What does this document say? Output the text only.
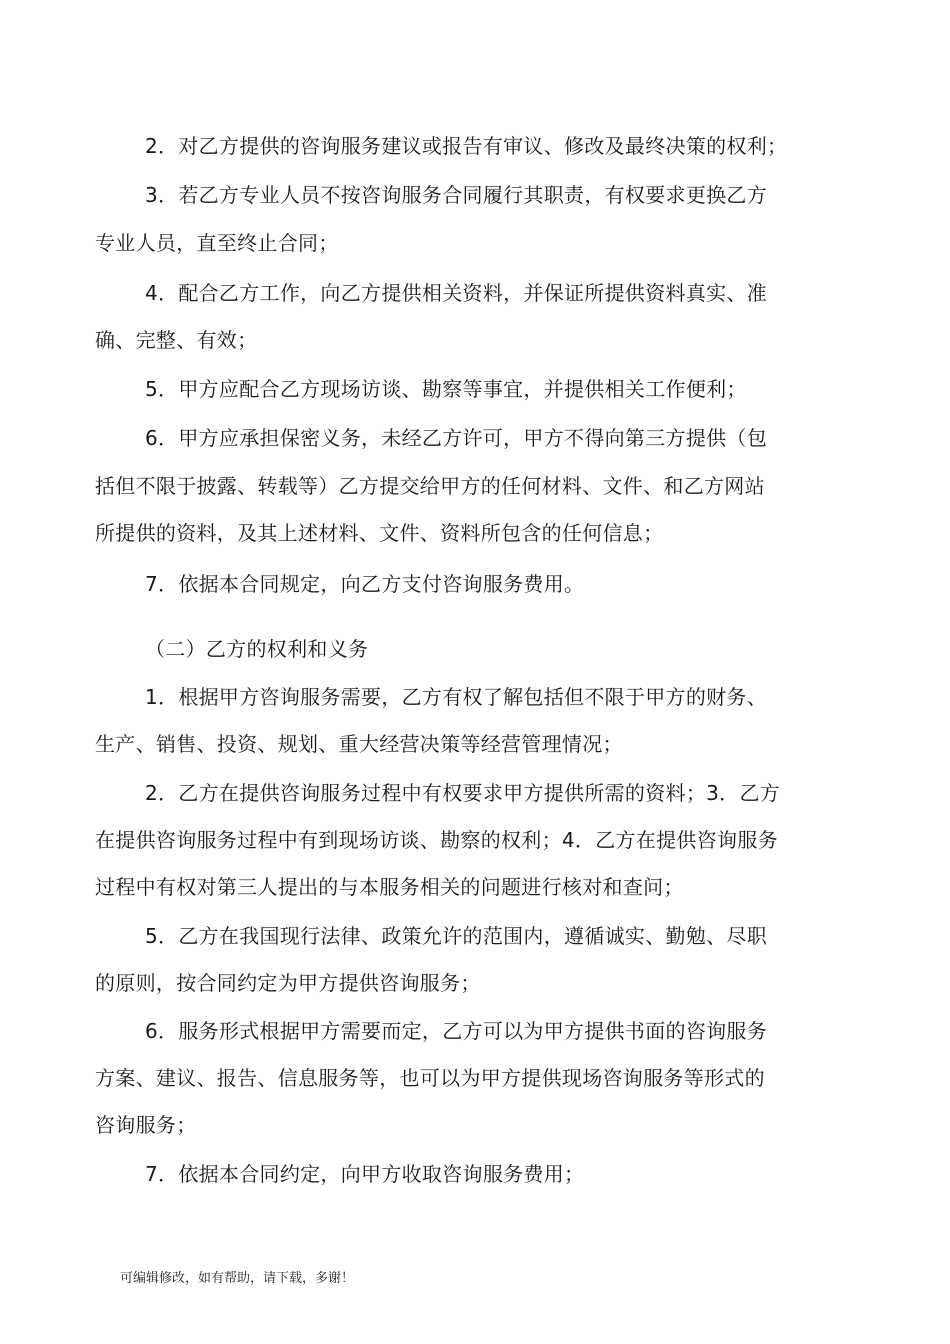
2．对乙方提供的咨询服务建议或报告有审议、修改及最终决策的权利；
3．若乙方专业人员不按咨询服务合同履行其职责，有权要求更换乙方
专业人员，直至终止合同；
4．配合乙方工作，向乙方提供相关资料，并保证所提供资料真实、准
确、完整、有效；
5．甲方应配合乙方现场访谈、勘察等事宜，并提供相关工作便利；
6．甲方应承担保密义务，未经乙方许可，甲方不得向第三方提供（包
括但不限于披露、转载等）乙方提交给甲方的任何材料、文件、和乙方网站
所提供的资料，及其上述材料、文件、资料所包含的任何信息；
7．依据本合同规定，向乙方支付咨询服务费用。
（二）乙方的权利和义务
1．根据甲方咨询服务需要，乙方有权了解包括但不限于甲方的财务、
生产、销售、投资、规划、重大经营决策等经营管理情况；
2．乙方在提供咨询服务过程中有权要求甲方提供所需的资料；3．乙方
在提供咨询服务过程中有到现场访谈、勘察的权利；4．乙方在提供咨询服务
过程中有权对第三人提出的与本服务相关的问题进行核对和查问；
5．乙方在我国现行法律、政策允许的范围内，遵循诚实、勤勉、尽职
的原则，按合同约定为甲方提供咨询服务；
6．服务形式根据甲方需要而定，乙方可以为甲方提供书面的咨询服务
方案、建议、报告、信息服务等，也可以为甲方提供现场咨询服务等形式的
咨询服务；
7．依据本合同约定，向甲方收取咨询服务费用；
可编辑修改，如有帮助，请下载，多谢！
